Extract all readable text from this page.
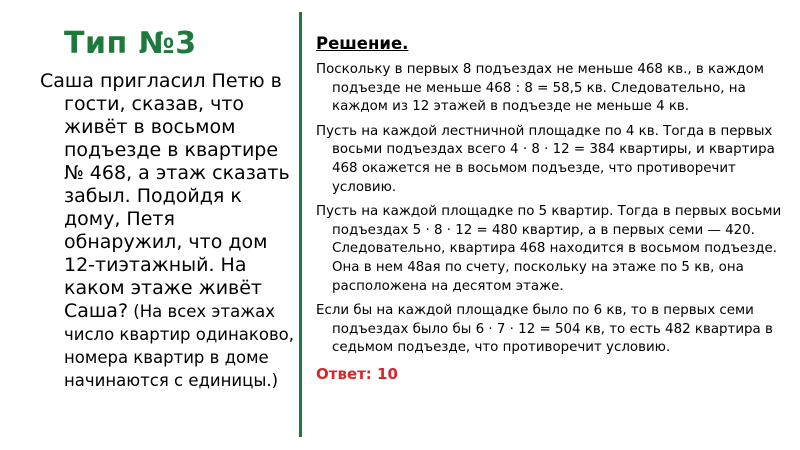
Тип №3

Саша пригласил Петю в гости, сказав, что живёт в восьмом подъезде в квартире № 468, а этаж сказать забыл. Подойдя к дому, Петя обнаружил, что дом 12-тиэтажный. На каком этаже живёт Саша? (На всех этажах число квартир одинаково, номера квартир в доме начинаются с единицы.)

Решение.

Поскольку в первых 8 подъездах не меньше 468 кв., в каждом подъезде не меньше 468 : 8 = 58,5 кв. Следовательно, на каждом из 12 этажей в подъезде не меньше 4 кв.

Пусть на каждой лестничной площадке по 4 кв. Тогда в первых восьми подъездах всего 4 · 8 · 12 = 384 квартиры, и квартира 468 окажется не в восьмом подъезде, что противоречит условию.

Пусть на каждой площадке по 5 квартир. Тогда в первых восьми подъездах 5 · 8 · 12 = 480 квартир, а в первых семи — 420. Следовательно, квартира 468 находится в восьмом подъезде. Она в нем 48ая по счету, поскольку на этаже по 5 кв, она расположена на десятом этаже.

Если бы на каждой площадке было по 6 кв, то в первых семи подъездах было бы 6 · 7 · 12 = 504 кв, то есть 482 квартира в седьмом подъезде, что противоречит условию.

Ответ: 10
